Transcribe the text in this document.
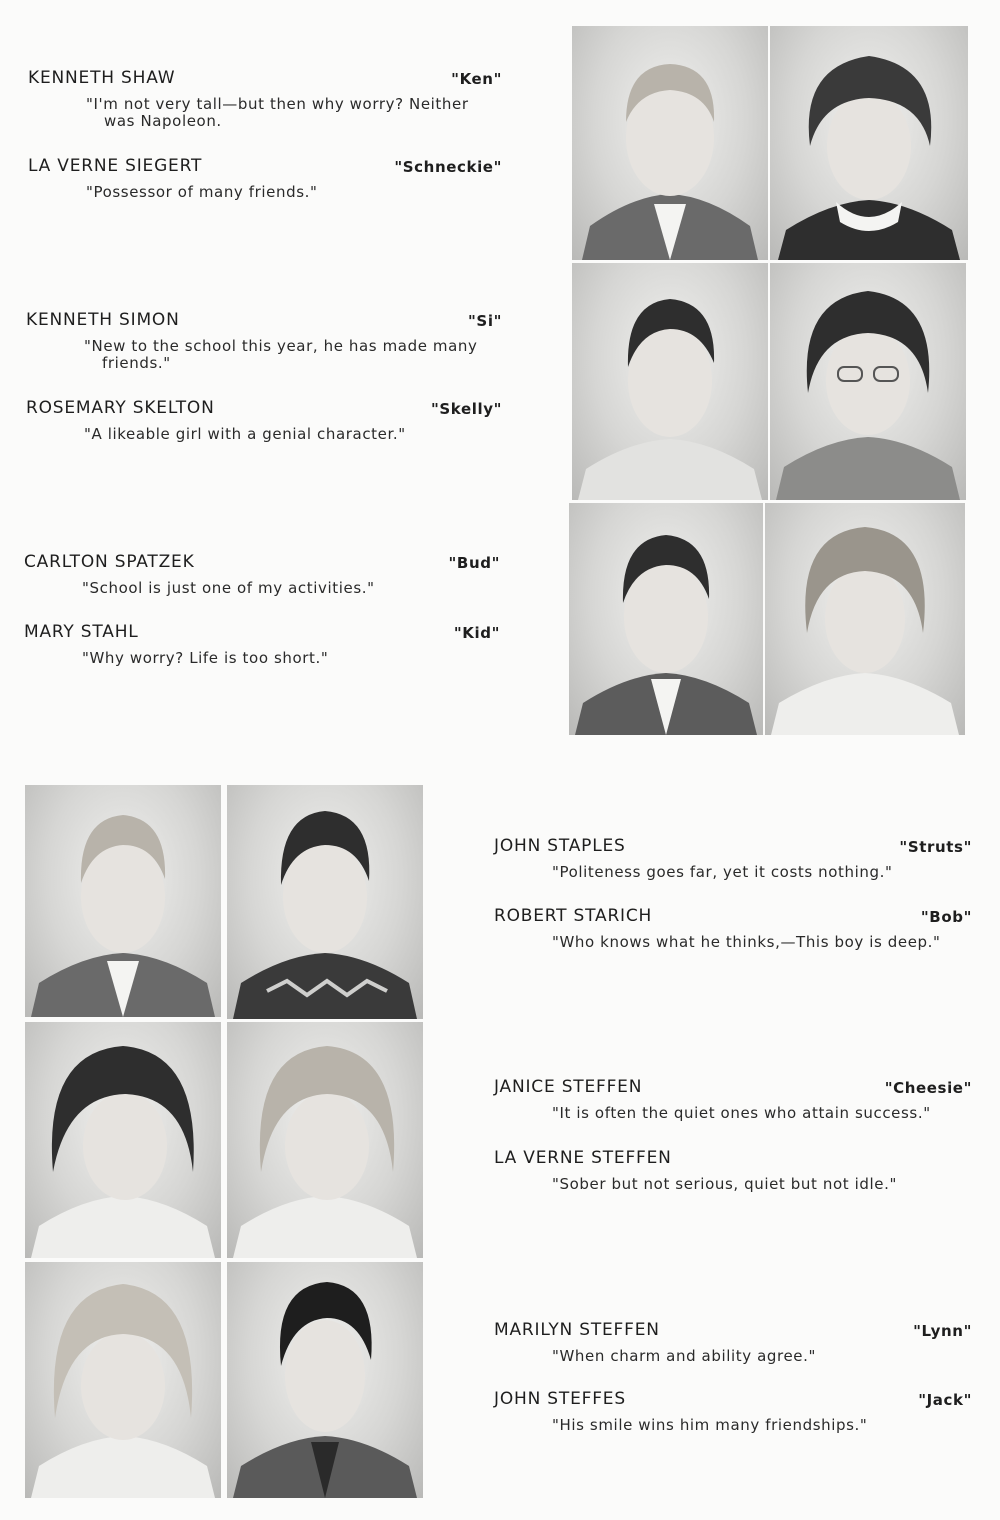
KENNETH SHAW	"Ken"
"I'm not very tall—but then why worry? Neither
was Napoleon.
LA VERNE SIEGERT	"Schneckie"
"Possessor of many friends."
KENNETH SIMON	"Si"
"New to the school this year, he has made many
friends."
ROSEMARY SKELTON	"Skelly"
"A likeable girl with a genial character."
CARLTON SPATZEK	"Bud"
"School is just one of my activities."
MARY STAHL	"Kid"
"Why worry? Life is too short."
JOHN STAPLES	"Struts"
"Politeness goes far, yet it costs nothing."
ROBERT STARICH	"Bob"
"Who knows what he thinks,—This boy is deep."
JANICE STEFFEN	"Cheesie"
"It is often the quiet ones who attain success."
LA VERNE STEFFEN
"Sober but not serious, quiet but not idle."
MARILYN STEFFEN	"Lynn"
"When charm and ability agree."
JOHN STEFFES	"Jack"
"His smile wins him many friendships."
